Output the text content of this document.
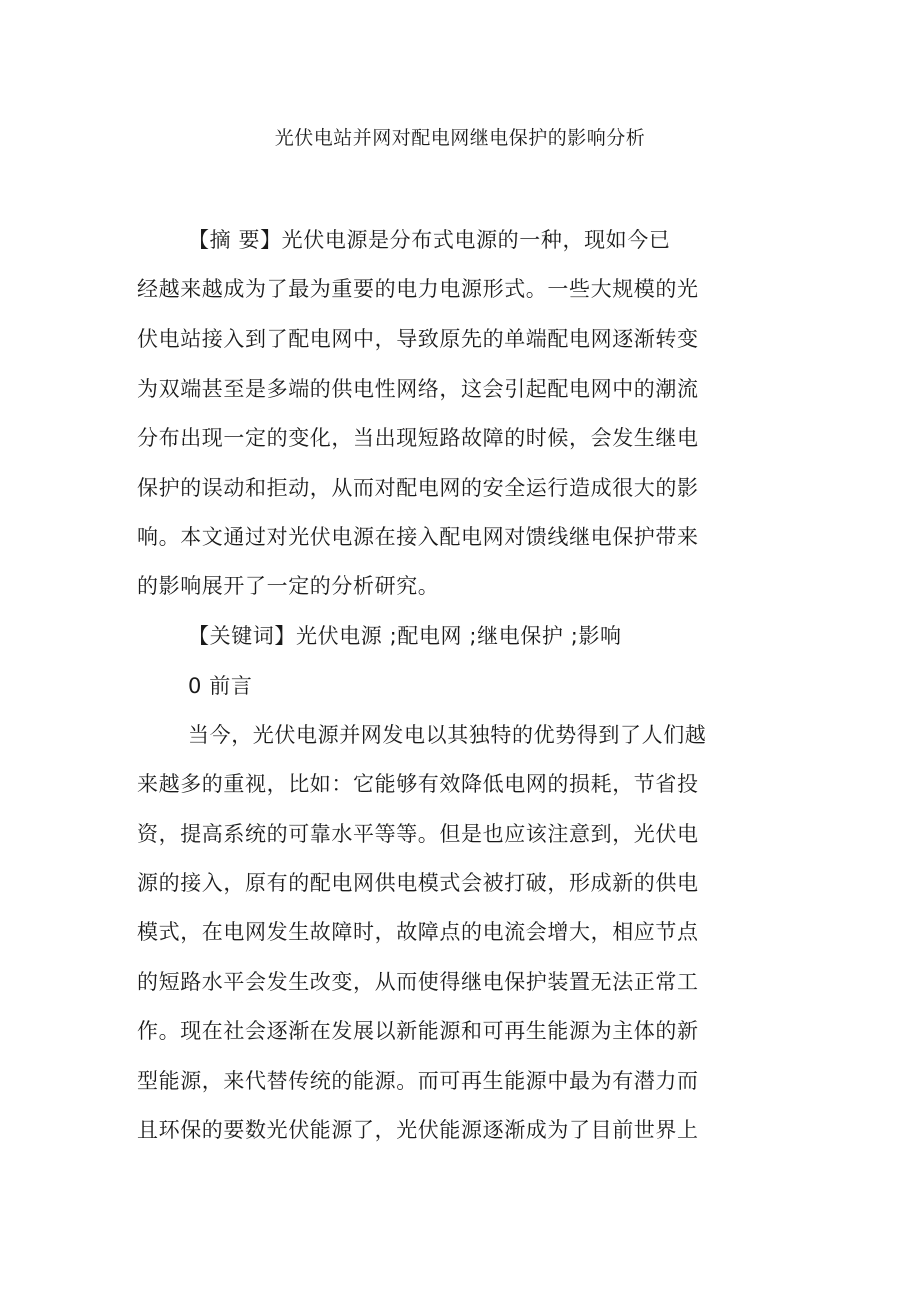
光伏电站并网对配电网继电保护的影响分析
【摘 要】光伏电源是分布式电源的一种，现如今已
经越来越成为了最为重要的电力电源形式。一些大规模的光
伏电站接入到了配电网中，导致原先的单端配电网逐渐转变
为双端甚至是多端的供电性网络，这会引起配电网中的潮流
分布出现一定的变化，当出现短路故障的时候，会发生继电
保护的误动和拒动，从而对配电网的安全运行造成很大的影
响。本文通过对光伏电源在接入配电网对馈线继电保护带来
的影响展开了一定的分析研究。
【关键词】光伏电源 ;配电网 ;继电保护 ;影响
0 前言
当今，光伏电源并网发电以其独特的优势得到了人们越
来越多的重视，比如：它能够有效降低电网的损耗，节省投
资，提高系统的可靠水平等等。但是也应该注意到，光伏电
源的接入，原有的配电网供电模式会被打破，形成新的供电
模式，在电网发生故障时，故障点的电流会增大，相应节点
的短路水平会发生改变，从而使得继电保护装置无法正常工
作。现在社会逐渐在发展以新能源和可再生能源为主体的新
型能源，来代替传统的能源。而可再生能源中最为有潜力而
且环保的要数光伏能源了，光伏能源逐渐成为了目前世界上
